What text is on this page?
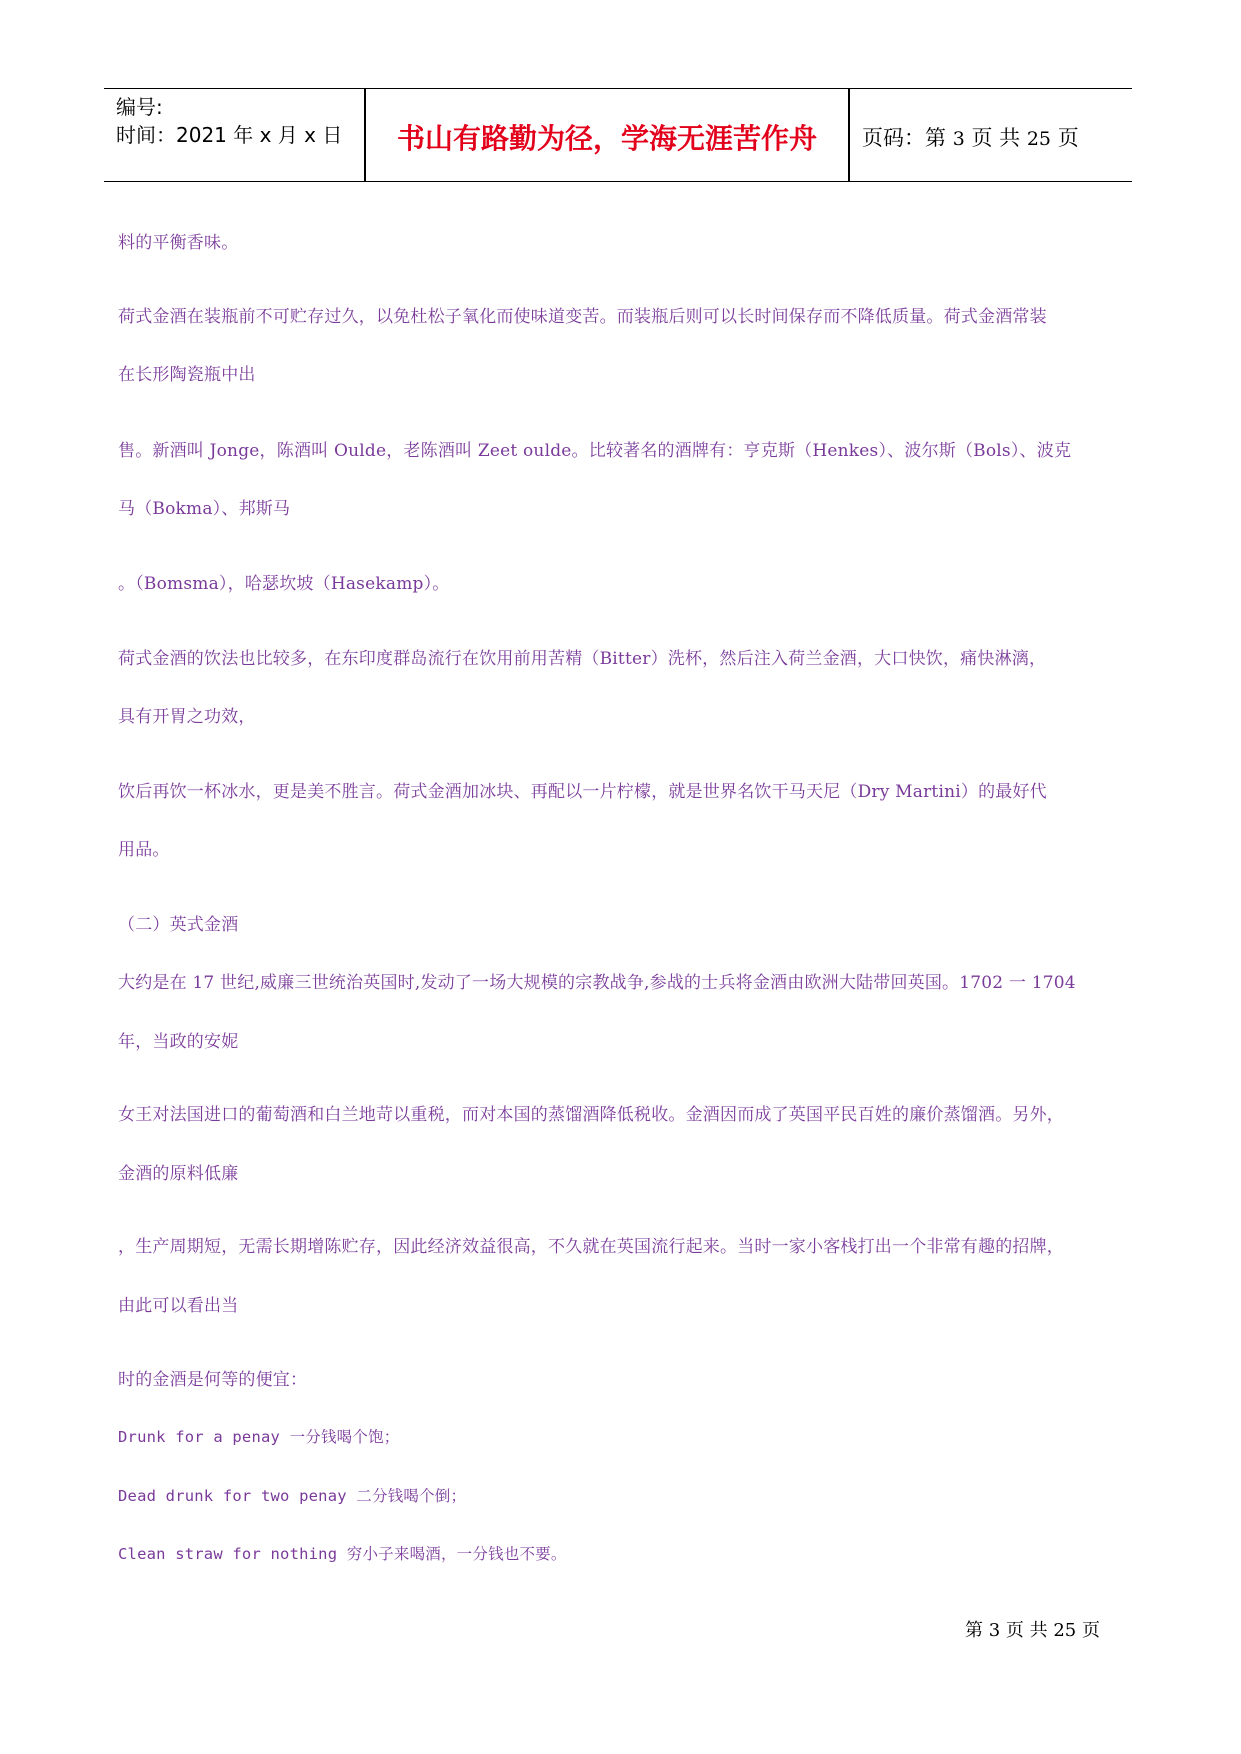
编号:
时间：2021 年 x 月 x 日	书山有路勤为径，学海无涯苦作舟	页码：第 3 页 共 25 页
料的平衡香味。
荷式金酒在装瓶前不可贮存过久，以免杜松子氧化而使味道变苦。而装瓶后则可以长时间保存而不降低质量。荷式金酒常装
在长形陶瓷瓶中出
售。新酒叫 Jonge，陈酒叫 Oulde，老陈酒叫 Zeet oulde。比较著名的酒牌有：亨克斯（Henkes）、波尔斯（Bols）、波克
马（Bokma）、邦斯马
。（Bomsma），哈瑟坎坡（Hasekamp）。
荷式金酒的饮法也比较多，在东印度群岛流行在饮用前用苦精（Bitter）洗杯，然后注入荷兰金酒，大口快饮，痛快淋漓，
具有开胃之功效，
饮后再饮一杯冰水，更是美不胜言。荷式金酒加冰块、再配以一片柠檬，就是世界名饮干马天尼（Dry Martini）的最好代
用品。
（二）英式金酒
大约是在 17 世纪,威廉三世统治英国时,发动了一场大规模的宗教战争,参战的士兵将金酒由欧洲大陆带回英国。1702 一 1704
年，当政的安妮
女王对法国进口的葡萄酒和白兰地苛以重税，而对本国的蒸馏酒降低税收。金酒因而成了英国平民百姓的廉价蒸馏酒。另外，
金酒的原料低廉
，生产周期短，无需长期增陈贮存，因此经济效益很高，不久就在英国流行起来。当时一家小客栈打出一个非常有趣的招牌，
由此可以看出当
时的金酒是何等的便宜：
Drunk for a penay 一分钱喝个饱；
Dead drunk for two penay 二分钱喝个倒；
Clean straw for nothing 穷小子来喝酒，一分钱也不要。
第 3 页 共 25 页
